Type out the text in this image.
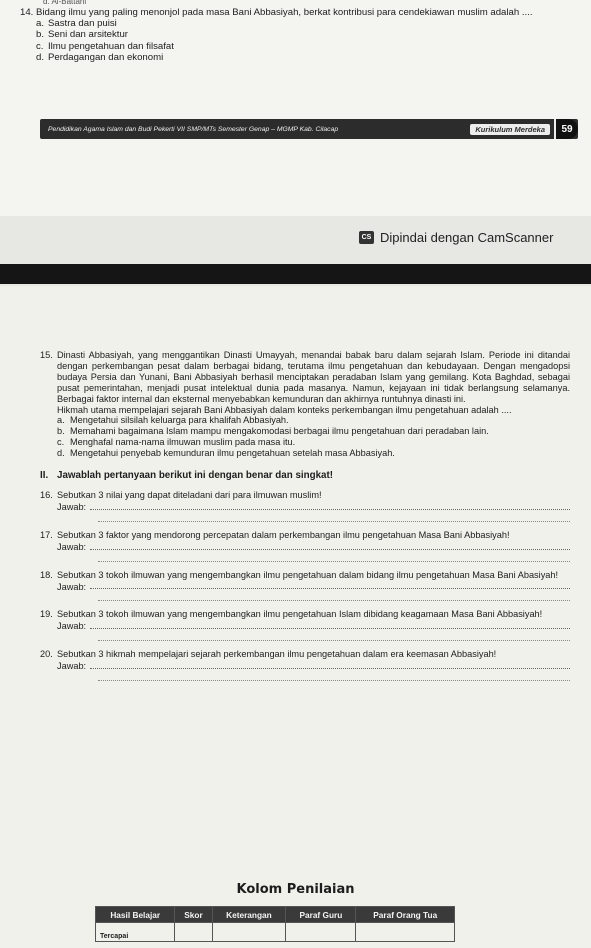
d. Al-Battani
14. Bidang ilmu yang paling menonjol pada masa Bani Abbasiyah, berkat kontribusi para cendekiawan muslim adalah ....
a. Sastra dan puisi
b. Seni dan arsitektur
c. Ilmu pengetahuan dan filsafat
d. Perdagangan dan ekonomi
Pendidikan Agama Islam dan Budi Pekerti VII SMP/MTs Semester Genap – MGMP Kab. Cilacap	Kurikulum Merdeka	59
CS Dipindai dengan CamScanner
15. Dinasti Abbasiyah, yang menggantikan Dinasti Umayyah, menandai babak baru dalam sejarah Islam. Periode ini ditandai dengan perkembangan pesat dalam berbagai bidang, terutama ilmu pengetahuan dan kebudayaan. Dengan mengadopsi budaya Persia dan Yunani, Bani Abbasiyah berhasil menciptakan peradaban Islam yang gemilang. Kota Baghdad, sebagai pusat pemerintahan, menjadi pusat intelektual dunia pada masanya. Namun, kejayaan ini tidak berlangsung selamanya. Berbagai faktor internal dan eksternal menyebabkan kemunduran dan akhirnya runtuhnya dinasti ini.
Hikmah utama mempelajari sejarah Bani Abbasiyah dalam konteks perkembangan ilmu pengetahuan adalah ....
a. Mengetahui silsilah keluarga para khalifah Abbasiyah.
b. Memahami bagaimana Islam mampu mengakomodasi berbagai ilmu pengetahuan dari peradaban lain.
c. Menghafal nama-nama ilmuwan muslim pada masa itu.
d. Mengetahui penyebab kemunduran ilmu pengetahuan setelah masa Abbasiyah.
II. Jawablah pertanyaan berikut ini dengan benar dan singkat!
16. Sebutkan 3 nilai yang dapat diteladani dari para ilmuwan muslim!
Jawab:
17. Sebutkan 3 faktor yang mendorong percepatan dalam perkembangan ilmu pengetahuan Masa Bani Abbasiyah!
Jawab:
18. Sebutkan 3 tokoh ilmuwan yang mengembangkan ilmu pengetahuan dalam bidang ilmu pengetahuan Masa Bani Abasiyah!
Jawab:
19. Sebutkan 3 tokoh ilmuwan yang mengembangkan ilmu pengetahuan Islam dibidang keagamaan Masa Bani Abbasiyah!
Jawab:
20. Sebutkan 3 hikmah mempelajari sejarah perkembangan ilmu pengetahuan dalam era keemasan Abbasiyah!
Jawab:
Kolom Penilaian
Hasil Belajar	Skor	Keterangan	Paraf Guru	Paraf Orang Tua
Tercapai				
